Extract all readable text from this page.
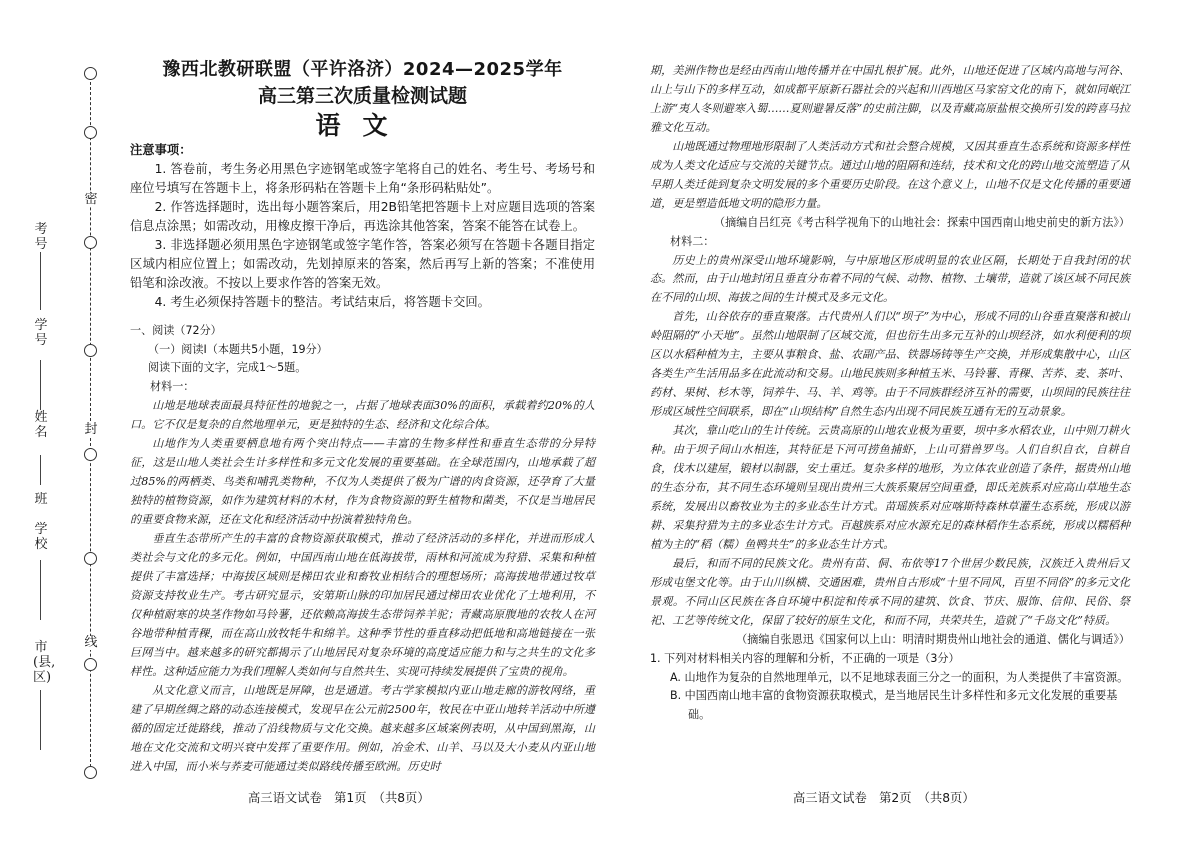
密
封
线
考号
学号
姓名
班
学校
市(县,区)
豫西北教研联盟（平许洛济）2024—2025学年
高三第三次质量检测试题
语文
注意事项：

1. 答卷前，考生务必用黑色字迹钢笔或签字笔将自己的姓名、考生号、考场号和座位号填写在答题卡上，将条形码粘在答题卡上角“条形码粘贴处”。

2. 作答选择题时，选出每小题答案后，用2B铅笔把答题卡上对应题目选项的答案信息点涂黑；如需改动，用橡皮擦干净后，再选涂其他答案，答案不能答在试卷上。

3. 非选择题必须用黑色字迹钢笔或签字笔作答，答案必须写在答题卡各题目指定区域内相应位置上；如需改动，先划掉原来的答案，然后再写上新的答案；不准使用铅笔和涂改液。不按以上要求作答的答案无效。

4. 考生必须保持答题卡的整洁。考试结束后，将答题卡交回。

一、阅读（72分）
（一）阅读Ⅰ（本题共5小题，19分）
阅读下面的文字，完成1～5题。
材料一：

山地是地球表面最具特征性的地貌之一，占据了地球表面30%的面积，承载着约20%的人口。它不仅是复杂的自然地理单元，更是独特的生态、经济和文化综合体。

山地作为人类重要栖息地有两个突出特点——丰富的生物多样性和垂直生态带的分异特征，这是山地人类社会生计多样性和多元文化发展的重要基础。在全球范围内，山地承载了超过85%的两栖类、鸟类和哺乳类物种，不仅为人类提供了极为广谱的肉食资源，还孕育了大量独特的植物资源，如作为建筑材料的木材，作为食物资源的野生植物和菌类，不仅是当地居民的重要食物来源，还在文化和经济活动中扮演着独特角色。

垂直生态带所产生的丰富的食物资源获取模式，推动了经济活动的多样化，并进而形成人类社会与文化的多元化。例如，中国西南山地在低海拔带，雨林和河流成为狩猎、采集和种植提供了丰富选择；中海拔区域则是梯田农业和畜牧业相结合的理想场所；高海拔地带通过牧草资源支持牧业生产。考古研究显示，安第斯山脉的印加居民通过梯田农业优化了土地利用，不仅种植耐寒的块茎作物如马铃薯，还依赖高海拔生态带饲养羊驼；青藏高原腹地的农牧人在河谷地带种植青稞，而在高山放牧牦牛和绵羊。这种季节性的垂直移动把低地和高地链接在一张巨网当中。越来越多的研究都揭示了山地居民对复杂环境的高度适应能力和与之共生的文化多样性。这种适应能力为我们理解人类如何与自然共生、实现可持续发展提供了宝贵的视角。

从文化意义而言，山地既是屏障，也是通道。考古学家模拟内亚山地走廊的游牧网络，重建了早期丝绸之路的动态连接模式，发现早在公元前2500年，牧民在中亚山地转羊活动中所遵循的固定迁徙路线，推动了沿线物质与文化交换。越来越多区域案例表明，从中国到黑海，山地在文化交流和文明兴衰中发挥了重要作用。例如，冶金术、山羊、马以及大小麦从内亚山地进入中国，而小米与荞麦可能通过类似路线传播至欧洲。历史时

高三语文试卷　第1页　（共8页）

期，美洲作物也是经由西南山地传播并在中国扎根扩展。此外，山地还促进了区域内高地与河谷、山上与山下的多样互动，如成都平原新石器社会的兴起和川西地区马家窑文化的南下，就如同岷江上游“夷人冬则避寒入蜀……夏则避暑反落”的史前注脚，以及青藏高原盐根交换所引发的跨喜马拉雅文化互动。

山地既通过物理地形限制了人类活动方式和社会整合规模，又因其垂直生态系统和资源多样性成为人类文化适应与交流的关键节点。通过山地的阻隔和连结，技术和文化的跨山地交流塑造了从早期人类迁徙到复杂文明发展的多个重要历史阶段。在这个意义上，山地不仅是文化传播的重要通道，更是塑造低地文明的隐形力量。

（摘编自吕红亮《考古科学视角下的山地社会：探索中国西南山地史前史的新方法》）

材料二：

历史上的贵州深受山地环境影响，与中原地区形成明显的农业区隔，长期处于自我封闭的状态。然而，由于山地封闭且垂直分布着不同的气候、动物、植物、土壤带，造就了该区域不同民族在不同的山坝、海拔之间的生计模式及多元文化。

首先，山谷依存的垂直聚落。古代贵州人们以“坝子”为中心，形成不同的山谷垂直聚落和被山岭阻隔的“小天地”。虽然山地限制了区域交流，但也衍生出多元互补的山坝经济，如水利便利的坝区以水稻种植为主，主要从事粮食、盐、农副产品、铁器场铸等生产交换，并形成集散中心，山区各类生产生活用品多在此流动和交易。山地民族则多种植玉米、马铃薯、青稞、苦荞、麦、茶叶、药材、果树、杉木等，饲养牛、马、羊、鸡等。由于不同族群经济互补的需要，山坝间的民族往往形成区域性空间联系，即在“山坝结构”自然生态内出现不同民族互通有无的互动景象。

其次，靠山吃山的生计传统。云贵高原的山地农业极为重要，坝中多水稻农业，山中则刀耕火种。由于坝子间山水相连，其特征是下河可捞鱼捕虾，上山可猎兽罗鸟。人们自织自衣，自耕自食，伐木以建屋，锻材以制器，安土重迁。复杂多样的地形，为立体农业创造了条件，据贵州山地的生态分布，其不同生态环境则呈现出贵州三大族系聚居空间重叠，即氐羌族系对应高山草地生态系统，发展出以畜牧业为主的多业态生计方式。苗瑶族系对应喀斯特森林草灌生态系统，形成以游耕、采集狩猎为主的多业态生计方式。百越族系对应水源充足的森林稻作生态系统，形成以糯稻种植为主的“稻（糯）鱼鸭共生”的多业态生计方式。

最后，和而不同的民族文化。贵州有苗、侗、布依等17个世居少数民族，汉族迁入贵州后又形成屯堡文化等。由于山川纵横、交通困难，贵州自古形成“十里不同风，百里不同俗”的多元文化景观。不同山区民族在各自环境中积淀和传承不同的建筑、饮食、节庆、服饰、信仰、民俗、祭祀、工艺等传统文化，保留了较好的原生文化，和而不同，共荣共生，造就了“千岛文化”特质。

（摘编自张恩迅《国家何以上山：明清时期贵州山地社会的通道、儒化与调适》）

1. 下列对材料相关内容的理解和分析，不正确的一项是（3分）

A. 山地作为复杂的自然地理单元，以不足地球表面三分之一的面积，为人类提供了丰富资源。

B. 中国西南山地丰富的食物资源获取模式，是当地居民生计多样性和多元文化发展的重要基础。

高三语文试卷　第2页　（共8页）
